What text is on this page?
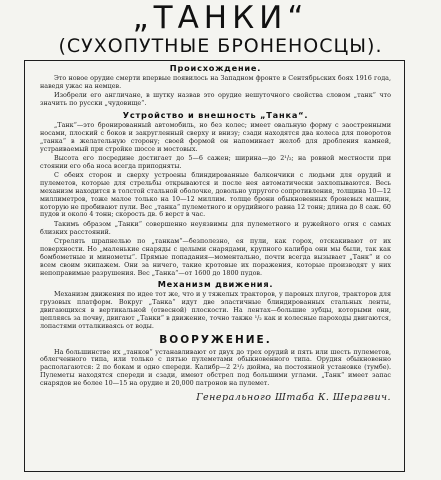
„ТАНКИ“
(СУХОПУТНЫЕ БРОНЕНОСЦЫ).
Происхождение.

Это новое орудие смерти впервые появилось на Западном фронте в Сентябрьских боях 1916 года, наведя ужас на немцев.

Изобрели его англичане, в шутку назвав это орудие нешуточного свойства словом „танк“ что значить по русски „чудовище“.

Устройство и внешность „Танка“.

„Танк“—это бронированный автомобиль, но без колес; имеет овальную форму с заостренными носами, плоский с боков и закругленный сверху и внизу; сзади находятся два колеса для поворотов „танка“ в желательную сторону; своей формой он напоминает желоб для дробления камней, устраиваемый при стройке шоссе и мостовых.

Высота его посредине достигает до 5—6 сажен; ширина—до 2¹/₂; на ровной местности при стоянии его оба носа всегда приподняты.

С обеих сторон и сверху устроены блиндированные балкончики с людьми для орудий и пулеметов, которые для стрельбы открываются и после нея автоматически захлопываются. Весь механизм находится в толстой стальной оболочке, довольно упругого сопротивления, толщина 10—12 миллиметров, тоже малое только на 10—12 миллим. толще брони обыкновенных броневых машин, которую не пробивают пули. Вес „танка“ пулеметного и орудийного равна 12 тонн; длина до 8 саж. 60 пудов и около 4 тонн; скорость дв. 6 верст в час.

Такимъ образом „Танки“ совершенно неуязвимы для пулеметного и ружейного огня с самых близких расстояний.

Стрелять шрапнелью по „танкам“—безполезно, ея пули, как горох, отскакивают от их поверхности. Но „маленькие снаряды с целыми снарядами, крупного калибра они мы были, так как бомбометные и минометы“. Прямые попадания—моментально, почти всегда вызывает „Танк“ и со всем своим экипажем. Они за ничего, такие кротовые их поражения, которые производят у них непоправимые разрушения. Вес „Танка“—от 1600 до 1800 пудов.

Механизм движения.

Механизм движения по идее тот же, что и у тяжелых тракторов, у паровых плугов, тракторов для грузовых платформ. Вокруг „Танка“ идут две эластичные блиндированных стальных ленты, двигающихся в вертикальной (отвесной) плоскости. На лентах—большие зубцы, которыми они, цепляясь за почву, двигают „Танки“ в движение, точно также ¹/₂ как и колесные пароходы двигаются, лопастями отталкиваясь от воды.

ВООРУЖЕНИЕ.

На большинстве их „танков“ устанавливают от двух до трех орудий и пять или шесть пулеметов, облегченного типа, или только с пятью пулеметами обыкновенного типа. Орудия обыкновенно располагаются: 2 по бокам и одно спереди. Калибр—2 2¹/₂ дюйма, на постоянной установке (тумбе). Пулеметы находятся спереди и сзади, имеют обстрел под большими углами. „Танк“ имеет запас снарядов не более 10—15 на орудие и 20,000 патронов на пулемет.

Генерального Штаба К. Шерагвич.
